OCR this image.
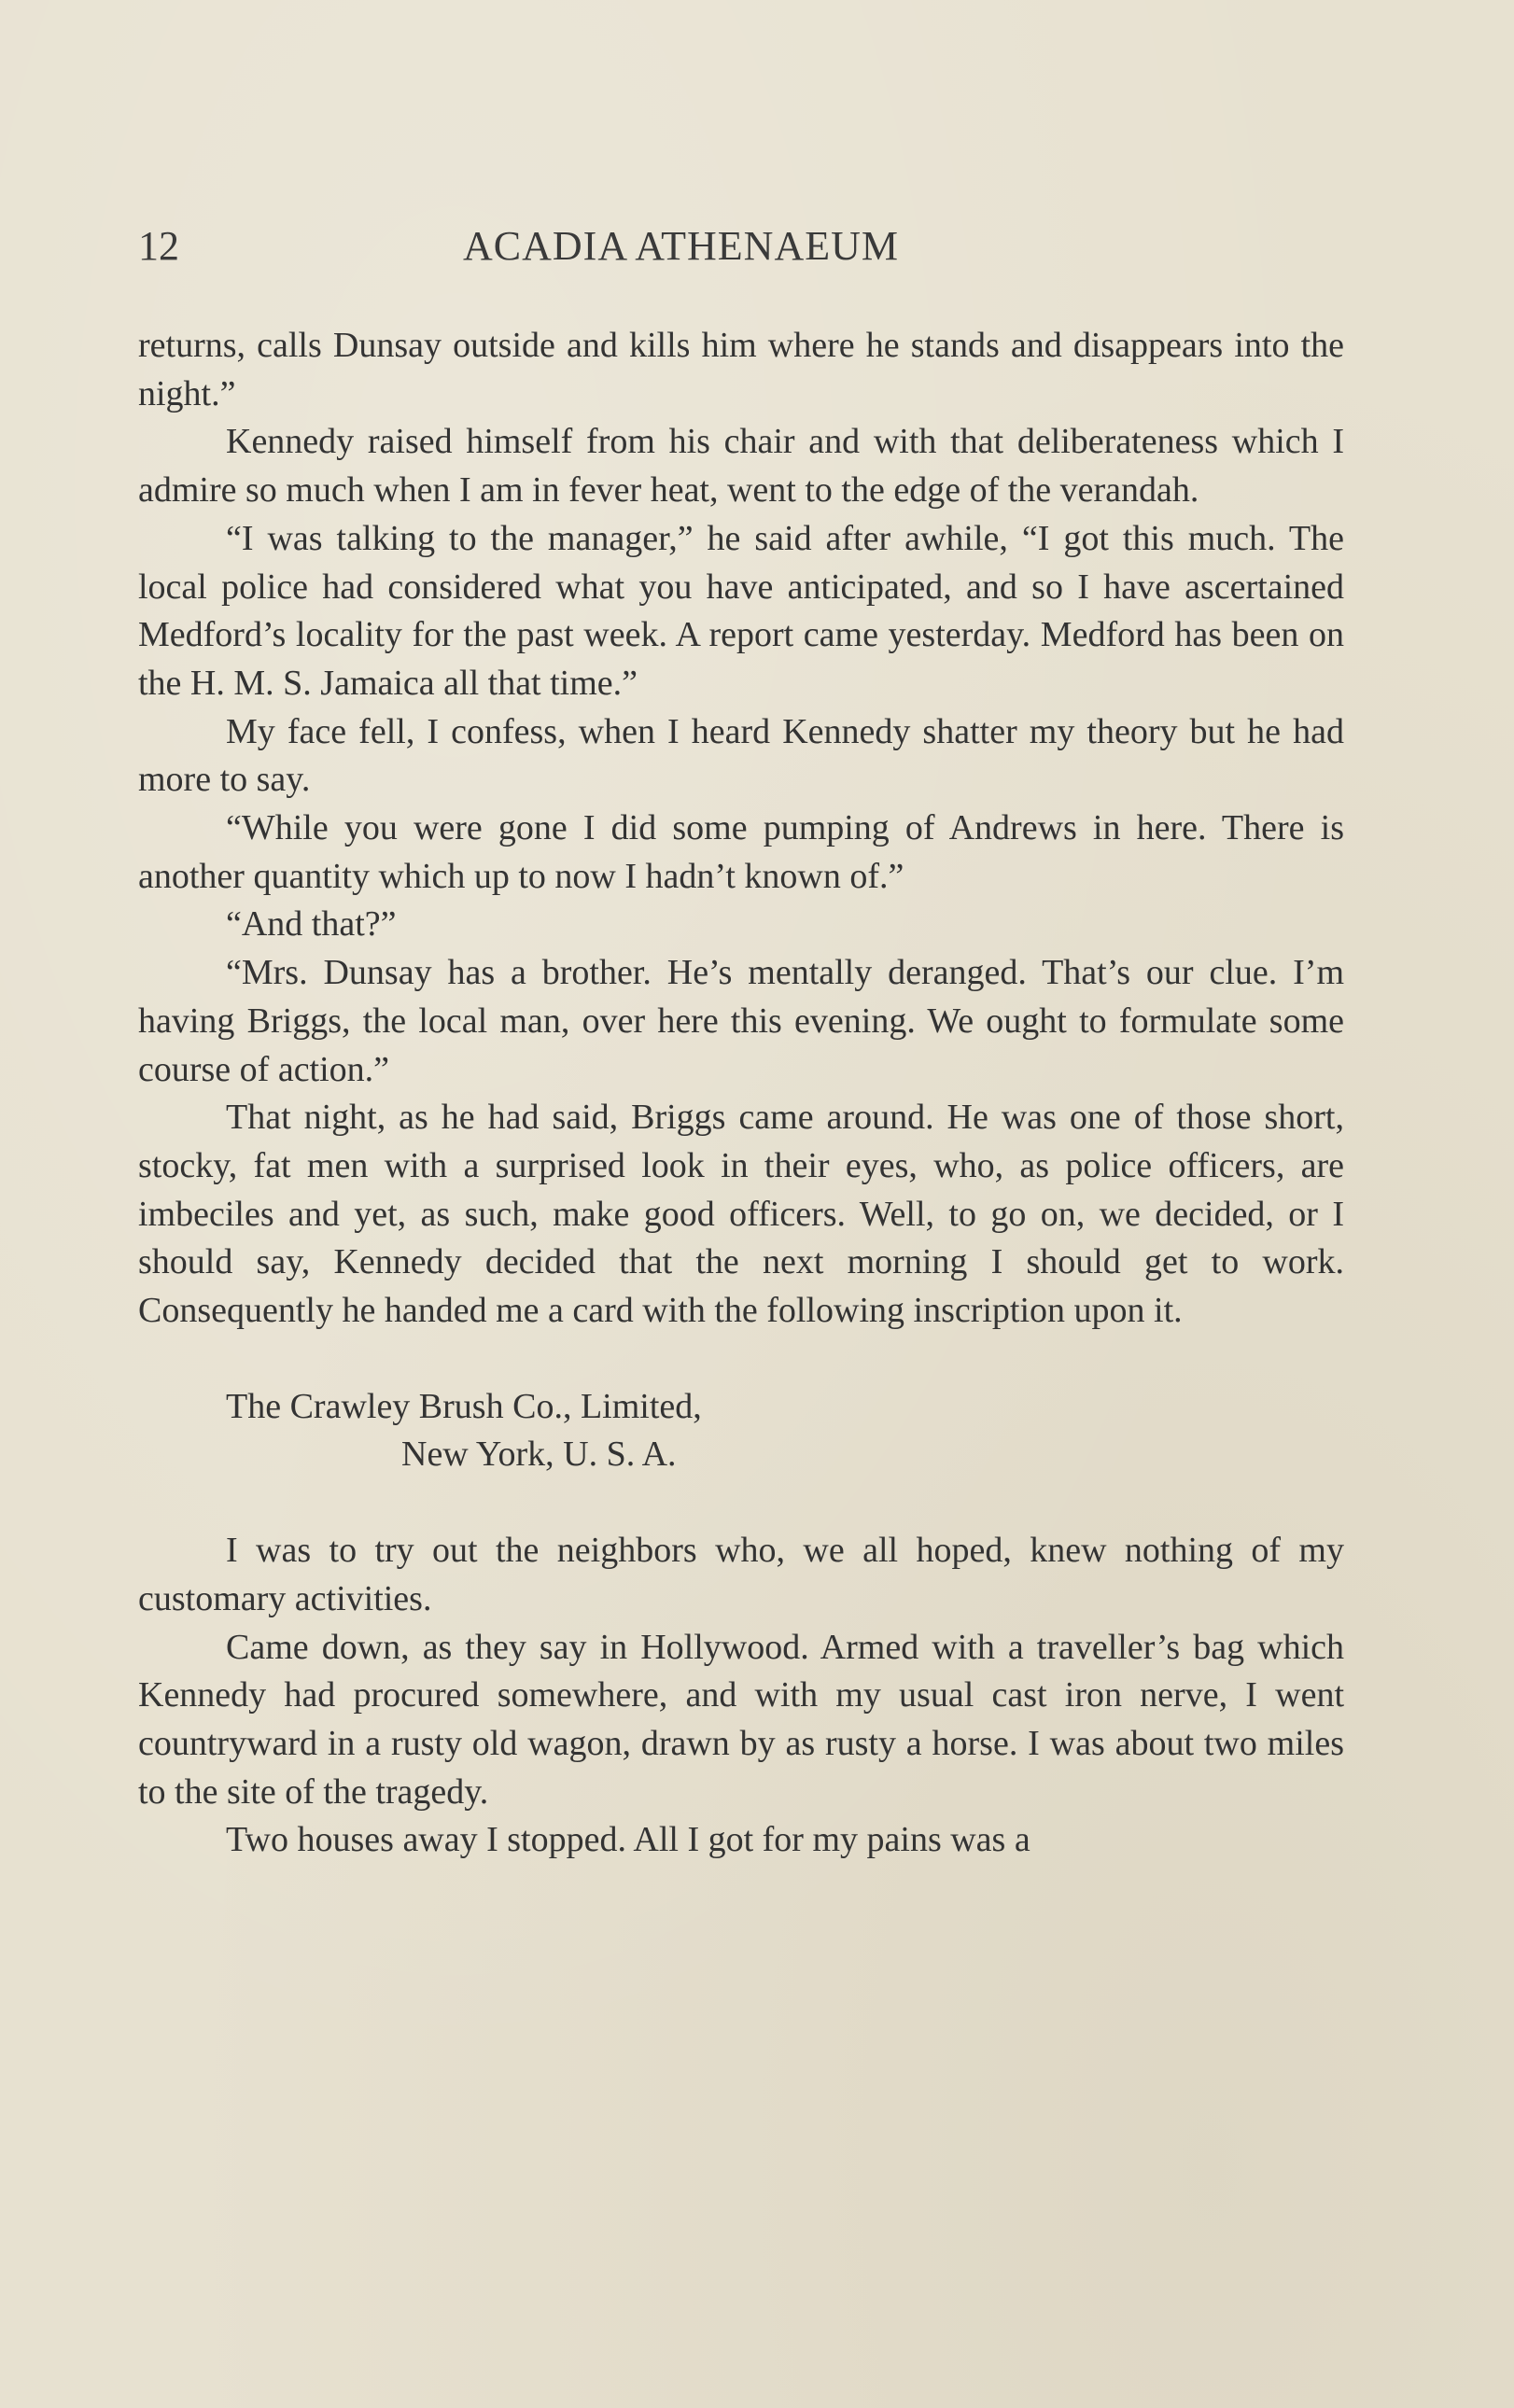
12	ACADIA ATHENAEUM

returns, calls Dunsay outside and kills him where he stands and disappears into the night.”

Kennedy raised himself from his chair and with that deliberateness which I admire so much when I am in fever heat, went to the edge of the verandah.

“I was talking to the manager,” he said after awhile, “I got this much. The local police had considered what you have anticipated, and so I have ascertained Medford’s locality for the past week. A report came yesterday. Medford has been on the H. M. S. Jamaica all that time.”

My face fell, I confess, when I heard Kennedy shatter my theory but he had more to say.

“While you were gone I did some pumping of Andrews in here. There is another quantity which up to now I hadn’t known of.”

“And that?”

“Mrs. Dunsay has a brother. He’s mentally deranged. That’s our clue. I’m having Briggs, the local man, over here this evening. We ought to formulate some course of action.”

That night, as he had said, Briggs came around. He was one of those short, stocky, fat men with a surprised look in their eyes, who, as police officers, are imbeciles and yet, as such, make good officers. Well, to go on, we decided, or I should say, Kennedy decided that the next morning I should get to work. Consequently he handed me a card with the following inscription upon it.

The Crawley Brush Co., Limited,
New York, U. S. A.

I was to try out the neighbors who, we all hoped, knew nothing of my customary activities.

Came down, as they say in Hollywood. Armed with a traveller’s bag which Kennedy had procured somewhere, and with my usual cast iron nerve, I went countryward in a rusty old wagon, drawn by as rusty a horse. I was about two miles to the site of the tragedy.

Two houses away I stopped. All I got for my pains was a
